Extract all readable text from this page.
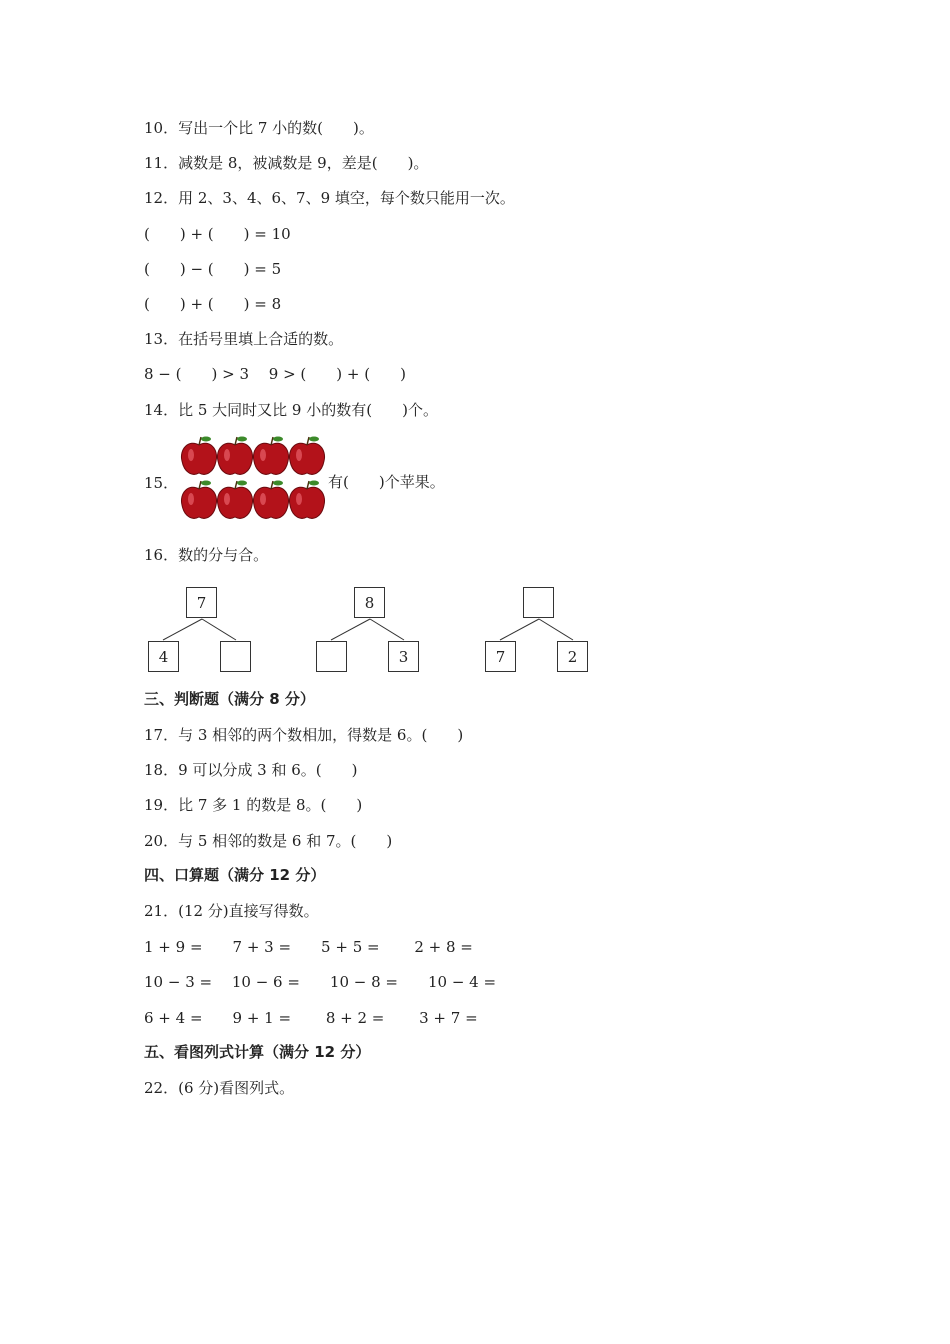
10．写出一个比 7 小的数(　　)。
11．减数是 8，被减数是 9，差是(　　)。
12．用 2、3、4、6、7、9 填空，每个数只能用一次。
(　　) + (　　) = 10
(　　) − (　　) = 5
(　　) + (　　) = 8
13．在括号里填上合适的数。
8 − (　　) > 3　 9 > (　　) + (　　)
14．比 5 大同时又比 9 小的数有(　　)个。
15．	有(　　)个苹果。
16．数的分与合。
7
4
8
3	7	2
三、判断题（满分 8 分）
17．与 3 相邻的两个数相加，得数是 6。(　　)
18．9 可以分成 3 和 6。(　　)
19．比 7 多 1 的数是 8。(　　)
20．与 5 相邻的数是 6 和 7。(　　)
四、口算题（满分 12 分）
21．(12 分)直接写得数。
1 + 9 =　　7 + 3 =　　5 + 5 =　　 2 + 8 =
10 − 3 =　 10 − 6 =　　10 − 8 =　　10 − 4 =
6 + 4 =　　9 + 1 =　　 8 + 2 =　　 3 + 7 =
五、看图列式计算（满分 12 分）
22．(6 分)看图列式。
